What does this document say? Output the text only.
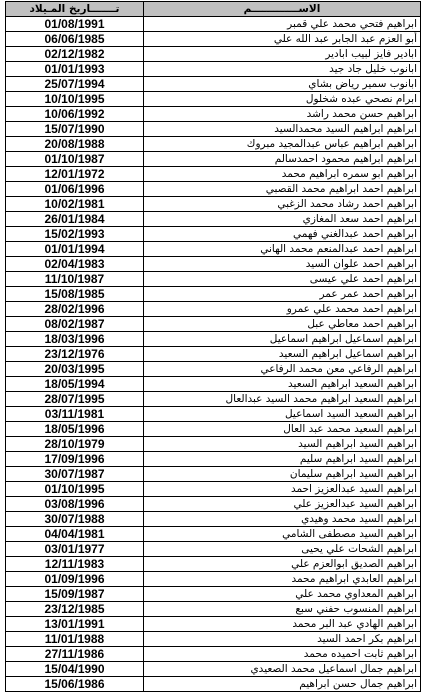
تـــــــاريخ المـيلاد	الاســـــــــــــم
01/08/1991	ابراهيم فتحي محمد علي قمبر
06/06/1985	أبو العزم عبد الجابر عبد الله علي
02/12/1982	ابادير فايز لبيب ابادير
01/01/1993	ابانوب خليل جاد جيد
25/07/1994	ابانوب سمير رياض بشاي
10/10/1995	ابرام نصحي عبده شخلول
10/06/1992	ابراهيم حسن محمد راشد
15/07/1990	ابراهيم ابراهيم السيد محمدالسيد
20/08/1988	ابراهيم ابراهيم عباس عبدالمجيد مبروك
01/10/1987	ابراهيم ابراهيم محمود احمدسالم
12/01/1972	ابراهيم ابو سمره ابراهيم محمد
01/06/1996	ابراهيم احمد ابراهيم محمد القصبي
10/02/1981	ابراهيم احمد رشاد محمد الزغبي
26/01/1984	ابراهيم احمد سعد المغازي
15/02/1993	ابراهيم احمد عبدالغني فهمي
01/01/1994	ابراهيم احمد عبدالمنعم محمد الهاني
02/04/1983	ابراهيم احمد علوان السيد
11/10/1987	ابراهيم احمد علي عيسى
15/08/1985	ابراهيم احمد عمر عمر
28/02/1996	ابراهيم احمد محمد علي عمرو
08/02/1987	ابراهيم احمد معاطي عبل
18/03/1996	ابراهيم اسماعيل ابراهيم اسماعيل
23/12/1976	ابراهيم اسماعيل ابراهيم السعيد
20/03/1995	ابراهيم الرفاعي معن محمد الرفاعي
18/05/1994	ابراهيم السعيد ابراهيم السعيد
28/07/1995	ابراهيم السعيد ابراهيم محمد السيد عبدالعال
03/11/1981	ابراهيم السعيد السيد اسماعيل
18/05/1996	ابراهيم السعيد محمد عبد العال
28/10/1979	ابراهيم السيد ابراهيم السيد
17/09/1996	ابراهيم السيد ابراهيم سليم
30/07/1987	ابراهيم السيد ابراهيم سليمان
01/10/1995	ابراهيم السيد عبدالعزيز احمد
03/08/1996	ابراهيم السيد عبدالعزيز علي
30/07/1988	ابراهيم السيد محمد وهيدي
04/04/1981	ابراهيم السيد مصطفى الشامي
03/01/1977	ابراهيم الشحات علي يحيى
12/11/1983	ابراهيم الصديق ابوالعزم علي
01/09/1996	ابراهيم العابدي ابراهيم محمد
15/09/1987	ابراهيم المعداوي محمد علي
23/12/1985	ابراهيم المنسوب حفني سبع
13/01/1991	ابراهيم الهادي عبد البر محمد
11/01/1988	ابراهيم بكر احمد السيد
27/11/1986	ابراهيم ثابت احميده محمد
15/04/1990	ابراهيم جمال اسماعيل محمد الصعيدي
15/06/1986	ابراهيم جمال حسن ابراهيم
